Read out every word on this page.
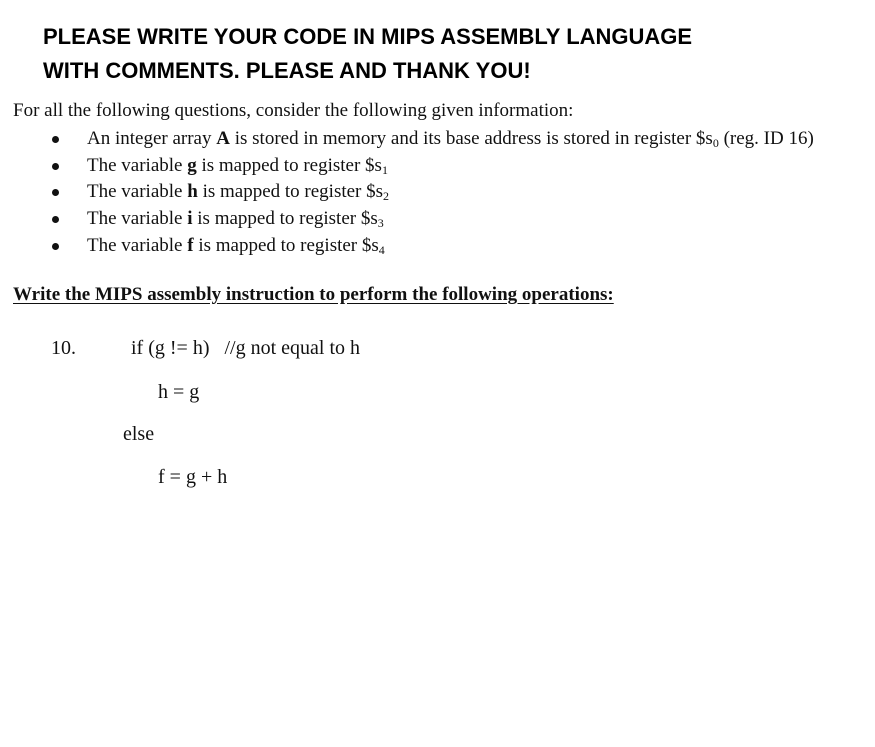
PLEASE WRITE YOUR CODE IN MIPS ASSEMBLY LANGUAGE
WITH COMMENTS. PLEASE AND THANK YOU!
For all the following questions, consider the following given information:
An integer array A is stored in memory and its base address is stored in register $\$s_0$ (reg. ID 16)
The variable g is mapped to register $\$s_1$
The variable h is mapped to register $\$s_2$
The variable i is mapped to register $\$s_3$
The variable f is mapped to register $\$s_4$
Write the MIPS assembly instruction to perform the following operations:
10.	if (g != h)   //g not equal to h
h = g
else
f = g + h
